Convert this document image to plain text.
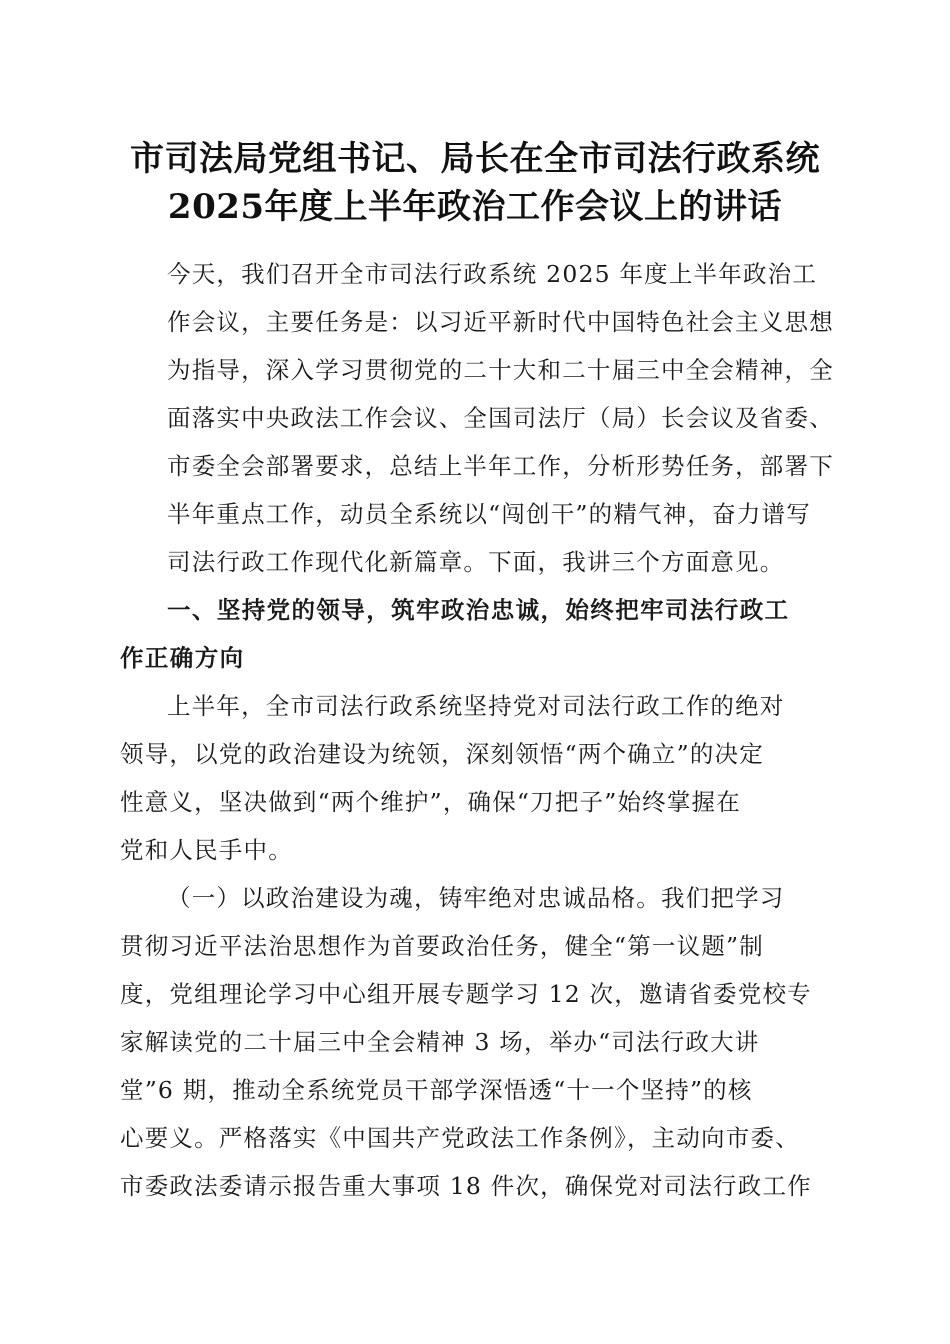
市司法局党组书记、局长在全市司法行政系统
2025年度上半年政治工作会议上的讲话

今天，我们召开全市司法行政系统 2025 年度上半年政治工
作会议，主要任务是：以习近平新时代中国特色社会主义思想
为指导，深入学习贯彻党的二十大和二十届三中全会精神，全
面落实中央政法工作会议、全国司法厅（局）长会议及省委、
市委全会部署要求，总结上半年工作，分析形势任务，部署下
半年重点工作，动员全系统以“闯创干”的精气神，奋力谱写
司法行政工作现代化新篇章。下面，我讲三个方面意见。

一、坚持党的领导，筑牢政治忠诚，始终把牢司法行政工
作正确方向

上半年，全市司法行政系统坚持党对司法行政工作的绝对
领导，以党的政治建设为统领，深刻领悟“两个确立”的决定
性意义，坚决做到“两个维护”，确保“刀把子”始终掌握在
党和人民手中。

（一）以政治建设为魂，铸牢绝对忠诚品格。我们把学习
贯彻习近平法治思想作为首要政治任务，健全“第一议题”制
度，党组理论学习中心组开展专题学习 12 次，邀请省委党校专
家解读党的二十届三中全会精神 3 场，举办“司法行政大讲
堂”6 期，推动全系统党员干部学深悟透“十一个坚持”的核
心要义。严格落实《中国共产党政法工作条例》，主动向市委、
市委政法委请示报告重大事项 18 件次，确保党对司法行政工作
